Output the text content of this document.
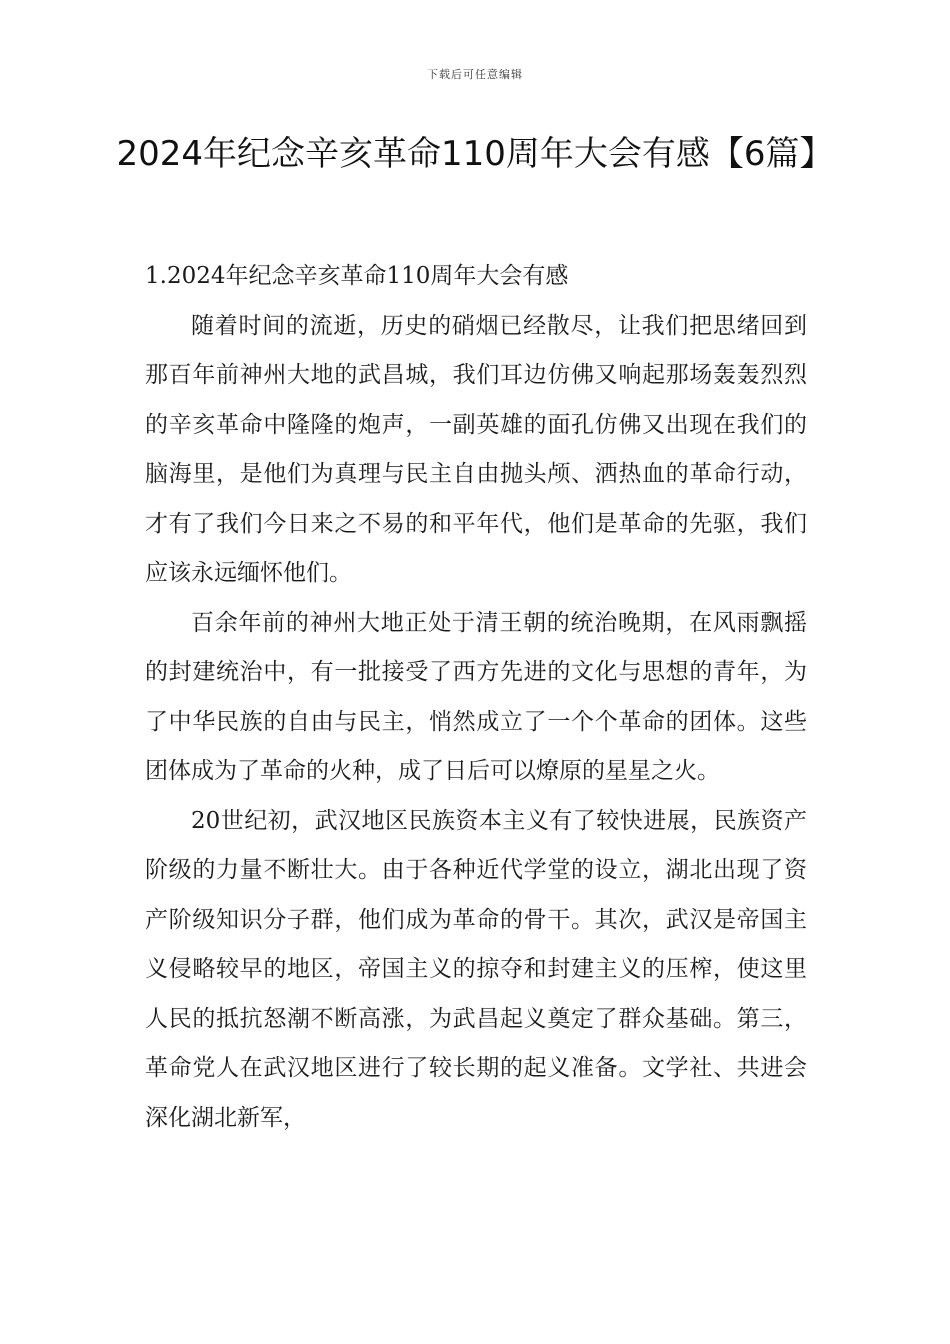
下载后可任意编辑
2024年纪念辛亥革命110周年大会有感【6篇】
1.2024年纪念辛亥革命110周年大会有感

随着时间的流逝，历史的硝烟已经散尽，让我们把思绪回到那百年前神州大地的武昌城，我们耳边仿佛又响起那场轰轰烈烈的辛亥革命中隆隆的炮声，一副英雄的面孔仿佛又出现在我们的脑海里，是他们为真理与民主自由抛头颅、洒热血的革命行动，才有了我们今日来之不易的和平年代，他们是革命的先驱，我们应该永远缅怀他们。

百余年前的神州大地正处于清王朝的统治晚期，在风雨飘摇的封建统治中，有一批接受了西方先进的文化与思想的青年，为了中华民族的自由与民主，悄然成立了一个个革命的团体。这些团体成为了革命的火种，成了日后可以燎原的星星之火。

20世纪初，武汉地区民族资本主义有了较快进展，民族资产阶级的力量不断壮大。由于各种近代学堂的设立，湖北出现了资产阶级知识分子群，他们成为革命的骨干。其次，武汉是帝国主义侵略较早的地区，帝国主义的掠夺和封建主义的压榨，使这里人民的抵抗怒潮不断高涨，为武昌起义奠定了群众基础。第三，革命党人在武汉地区进行了较长期的起义准备。文学社、共进会深化湖北新军，
